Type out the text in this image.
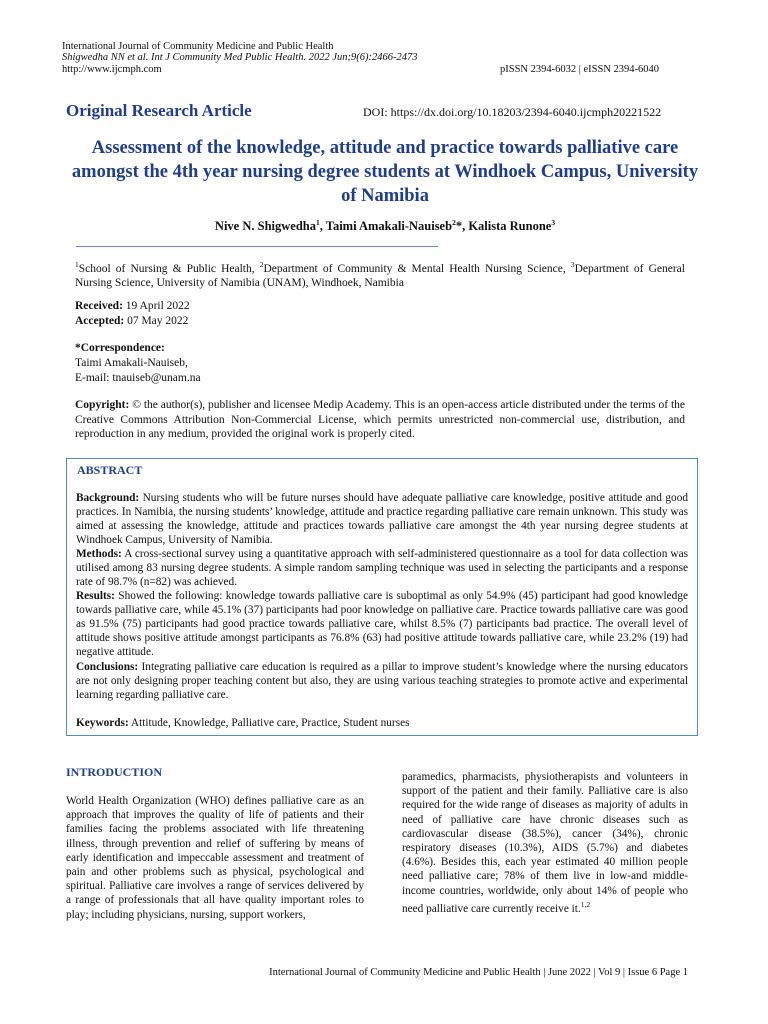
International Journal of Community Medicine and Public Health
Shigwedha NN et al. Int J Community Med Public Health. 2022 Jun;9(6):2466-2473
http://www.ijcmph.com	pISSN 2394-6032 | eISSN 2394-6040
Original Research Article	DOI: https://dx.doi.org/10.18203/2394-6040.ijcmph20221522
Assessment of the knowledge, attitude and practice towards palliative care amongst the 4th year nursing degree students at Windhoek Campus, University of Namibia
Nive N. Shigwedha$^1$, Taimi Amakali-Nauiseb$^2$*, Kalista Runone$^3$
$^1$School of Nursing & Public Health, $^2$Department of Community & Mental Health Nursing Science, $^3$Department of General Nursing Science, University of Namibia (UNAM), Windhoek, Namibia
Received: 19 April 2022
Accepted: 07 May 2022
*Correspondence:
Taimi Amakali-Nauiseb,
E-mail: tnauiseb@unam.na
Copyright: © the author(s), publisher and licensee Medip Academy. This is an open-access article distributed under the terms of the Creative Commons Attribution Non-Commercial License, which permits unrestricted non-commercial use, distribution, and reproduction in any medium, provided the original work is properly cited.
ABSTRACT
Background: Nursing students who will be future nurses should have adequate palliative care knowledge, positive attitude and good practices. In Namibia, the nursing students’ knowledge, attitude and practice regarding palliative care remain unknown. This study was aimed at assessing the knowledge, attitude and practices towards palliative care amongst the 4th year nursing degree students at Windhoek Campus, University of Namibia.
Methods: A cross-sectional survey using a quantitative approach with self-administered questionnaire as a tool for data collection was utilised among 83 nursing degree students. A simple random sampling technique was used in selecting the participants and a response rate of 98.7% (n=82) was achieved.
Results: Showed the following: knowledge towards palliative care is suboptimal as only 54.9% (45) participant had good knowledge towards palliative care, while 45.1% (37) participants had poor knowledge on palliative care. Practice towards palliative care was good as 91.5% (75) participants had good practice towards palliative care, whilst 8.5% (7) participants bad practice. The overall level of attitude shows positive attitude amongst participants as 76.8% (63) had positive attitude towards palliative care, while 23.2% (19) had negative attitude.
Conclusions: Integrating palliative care education is required as a pillar to improve student’s knowledge where the nursing educators are not only designing proper teaching content but also, they are using various teaching strategies to promote active and experimental learning regarding palliative care.
Keywords: Attitude, Knowledge, Palliative care, Practice, Student nurses
INTRODUCTION
World Health Organization (WHO) defines palliative care as an approach that improves the quality of life of patients and their families facing the problems associated with life threatening illness, through prevention and relief of suffering by means of early identification and impeccable assessment and treatment of pain and other problems such as physical, psychological and spiritual. Palliative care involves a range of services delivered by a range of professionals that all have quality important roles to play; including physicians, nursing, support workers,
paramedics, pharmacists, physiotherapists and volunteers in support of the patient and their family. Palliative care is also required for the wide range of diseases as majority of adults in need of palliative care have chronic diseases such as cardiovascular disease (38.5%), cancer (34%), chronic respiratory diseases (10.3%), AIDS (5.7%) and diabetes (4.6%). Besides this, each year estimated 40 million people need palliative care; 78% of them live in low-and middle-income countries, worldwide, only about 14% of people who need palliative care currently receive it.$^{1,2}$
International Journal of Community Medicine and Public Health | June 2022 | Vol 9 | Issue 6 Page 1
